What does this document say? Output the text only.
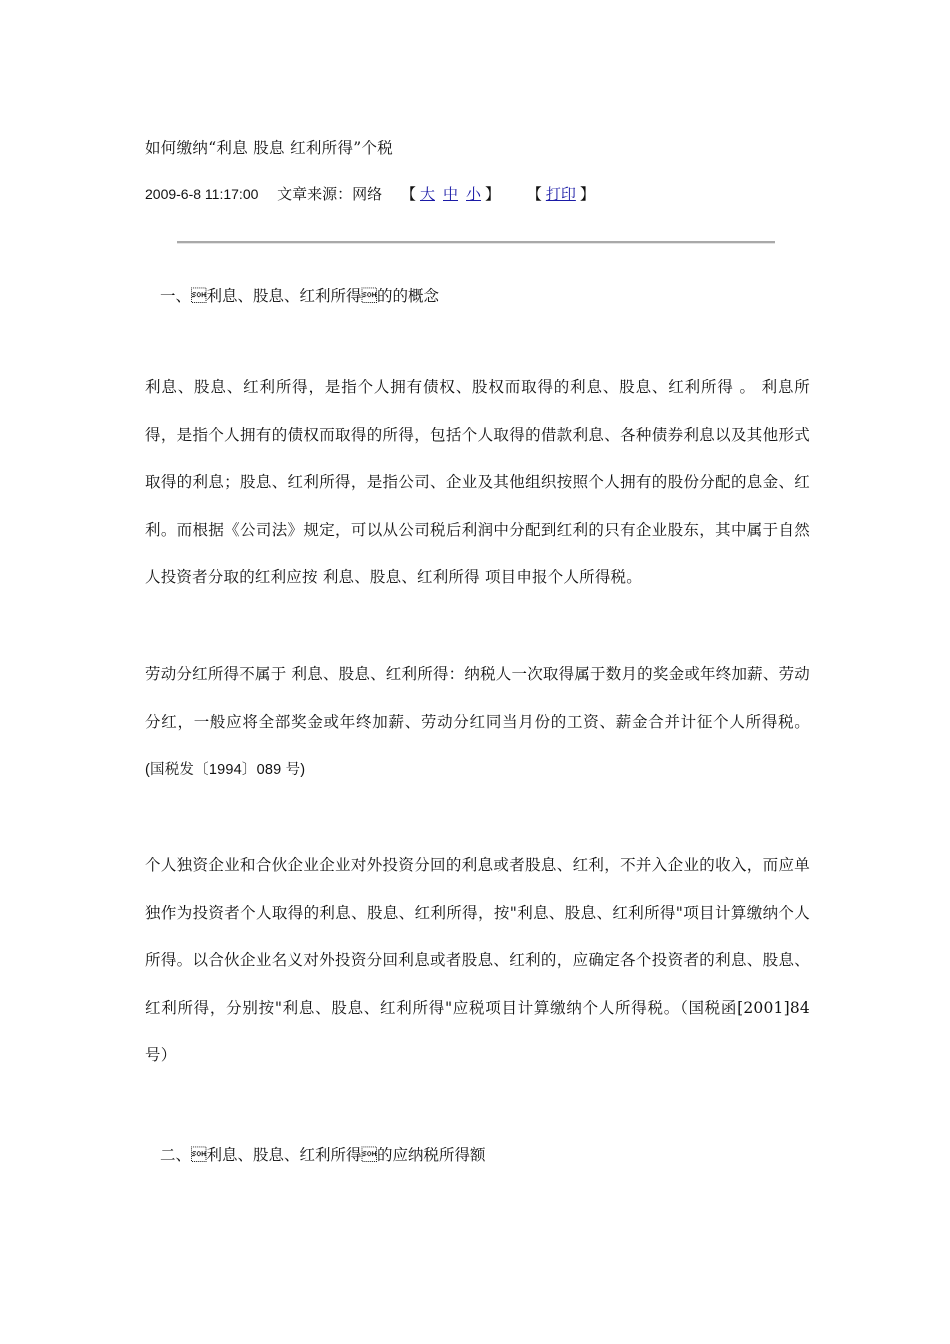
如何缴纳“利息 股息 红利所得”个税
2009-6-8 11:17:00 文章来源：网络 【 大 中 小 】 【 打印 】
一、利息、股息、红利所得的的概念
利息、股息、红利所得，是指个人拥有债权、股权而取得的利息、股息、红利所得 。 利息所得，是指个人拥有的债权而取得的所得，包括个人取得的借款利息、各种债券利息以及其他形式取得的利息；股息、红利所得，是指公司、企业及其他组织按照个人拥有的股份分配的息金、红利。而根据《公司法》规定，可以从公司税后利润中分配到红利的只有企业股东，其中属于自然人投资者分取的红利应按 利息、股息、红利所得 项目申报个人所得税。
劳动分红所得不属于 利息、股息、红利所得：纳税人一次取得属于数月的奖金或年终加薪、劳动分红，一般应将全部奖金或年终加薪、劳动分红同当月份的工资、薪金合并计征个人所得税。 (国税发〔1994〕089 号)
个人独资企业和合伙企业企业对外投资分回的利息或者股息、红利，不并入企业的收入，而应单独作为投资者个人取得的利息、股息、红利所得，按"利息、股息、红利所得"项目计算缴纳个人所得。以合伙企业名义对外投资分回利息或者股息、红利的，应确定各个投资者的利息、股息、红利所得，分别按"利息、股息、红利所得"应税项目计算缴纳个人所得税。（国税函[2001]84 号）
二、利息、股息、红利所得的应纳税所得额
